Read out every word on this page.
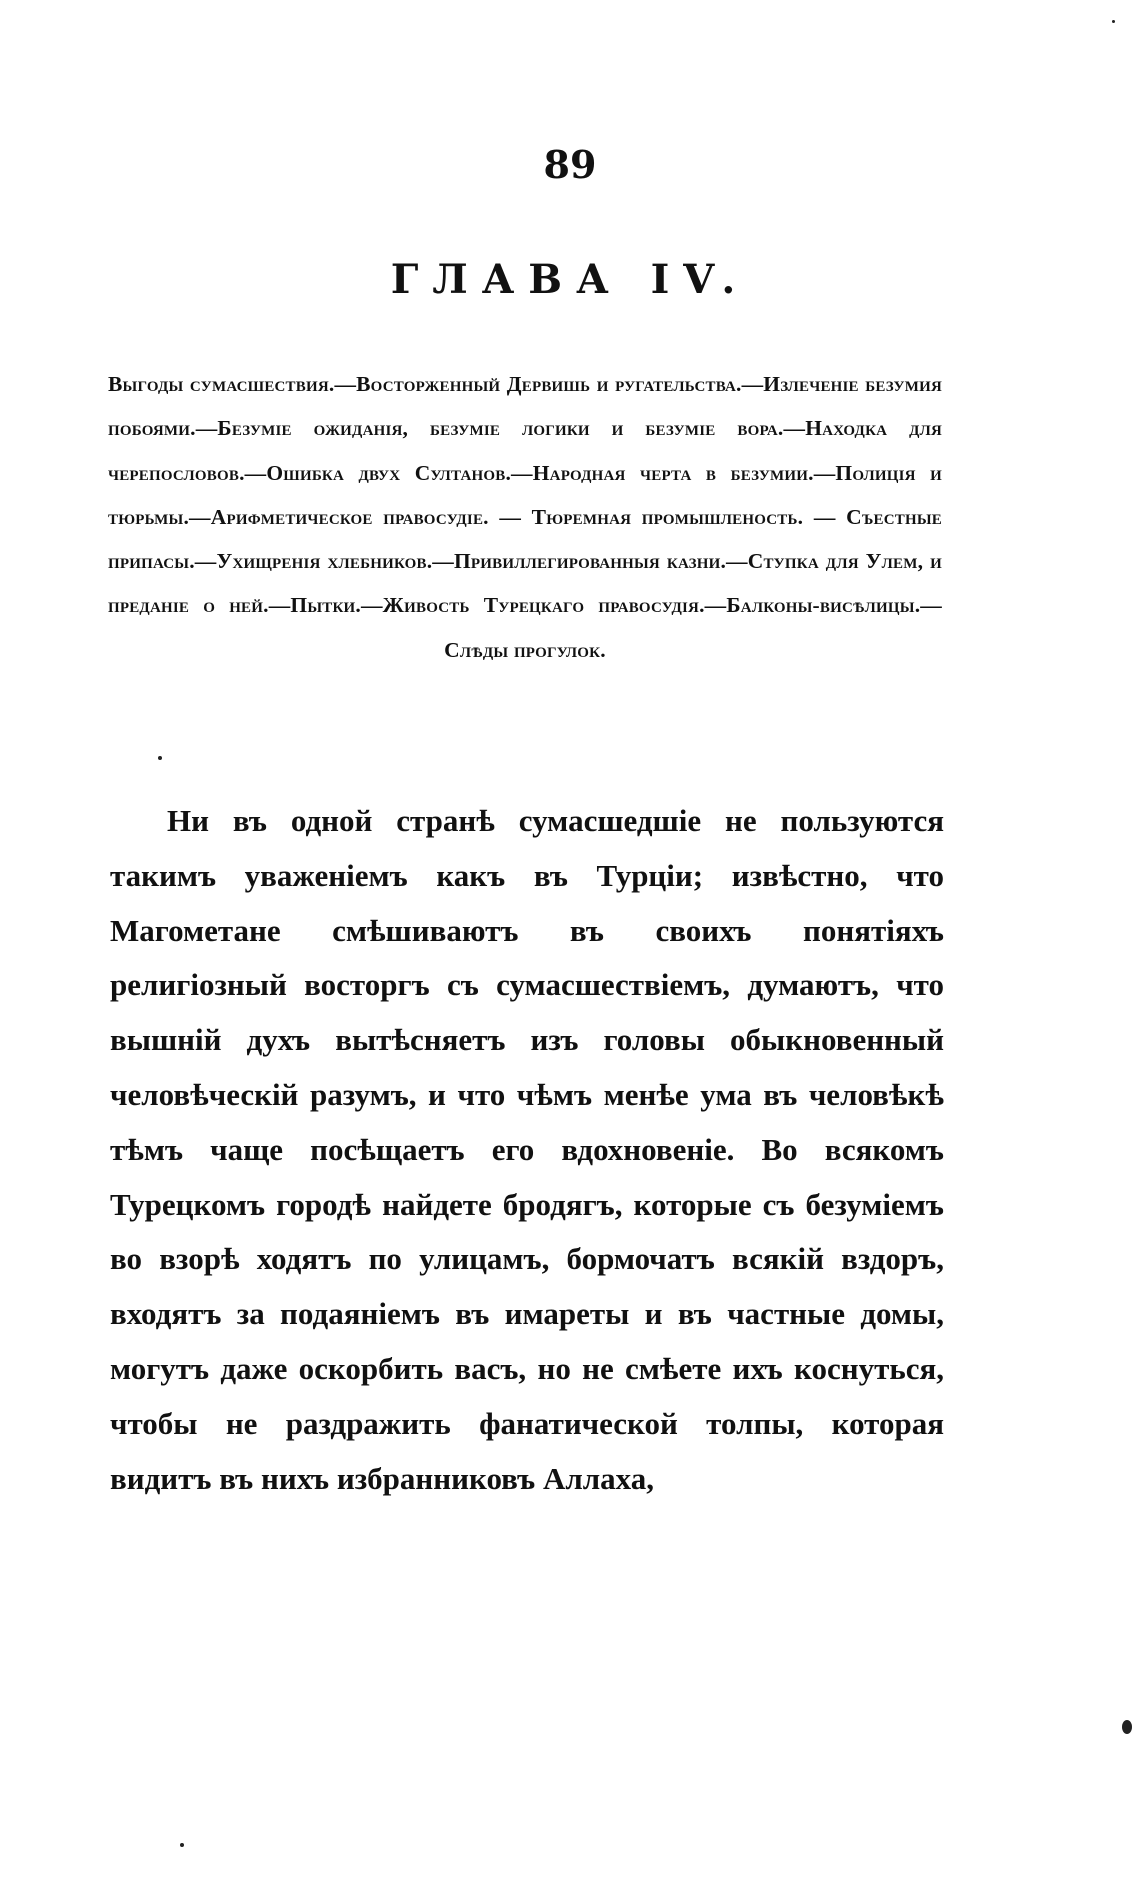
89
ГЛАВА IV.
Выгоды сумасшествия.—Восторженный Дервишь и ругательства.—Излеченiе безумия побоями.—Безумiе ожиданiя, безумiе логики и безумiе вора.—Находка для черепословов.—Ошибка двух Султанов.—Народная черта в безумии.—Полицiя и тюрьмы.—Арифметическое правосудiе. — Тюремная промышленость. — Съестные припасы.—Ухищренiя хлебников.—Привиллегированныя казни.—Ступка для Улем, и преданiе о ней.—Пытки.—Живость Турецкаго правосудiя.—Балконы-висѣлицы.—Слѣды прогулок.
Ни въ одной странѣ сумасшедшiе не пользуются такимъ уваженiемъ какъ въ Турцiи; извѣстно, что Магометане смѣшиваютъ въ своихъ понятiяхъ религiозный восторгъ съ сумасшествiемъ, думаютъ, что вышнiй духъ вытѣсняетъ изъ головы обыкновенный человѣческiй разумъ, и что чѣмъ менѣе ума въ человѣкѣ тѣмъ чаще посѣщаетъ его вдохновенiе. Во всякомъ Турецкомъ городѣ найдете бродягъ, которые съ безумiемъ во взорѣ ходятъ по улицамъ, бормочатъ всякiй вздоръ, входятъ за подаянiемъ въ имареты и въ частные домы, могутъ даже оскорбить васъ, но не смѣете ихъ коснуться, чтобы не раздражить фанатической толпы, которая видитъ въ нихъ избранниковъ Аллаха,
